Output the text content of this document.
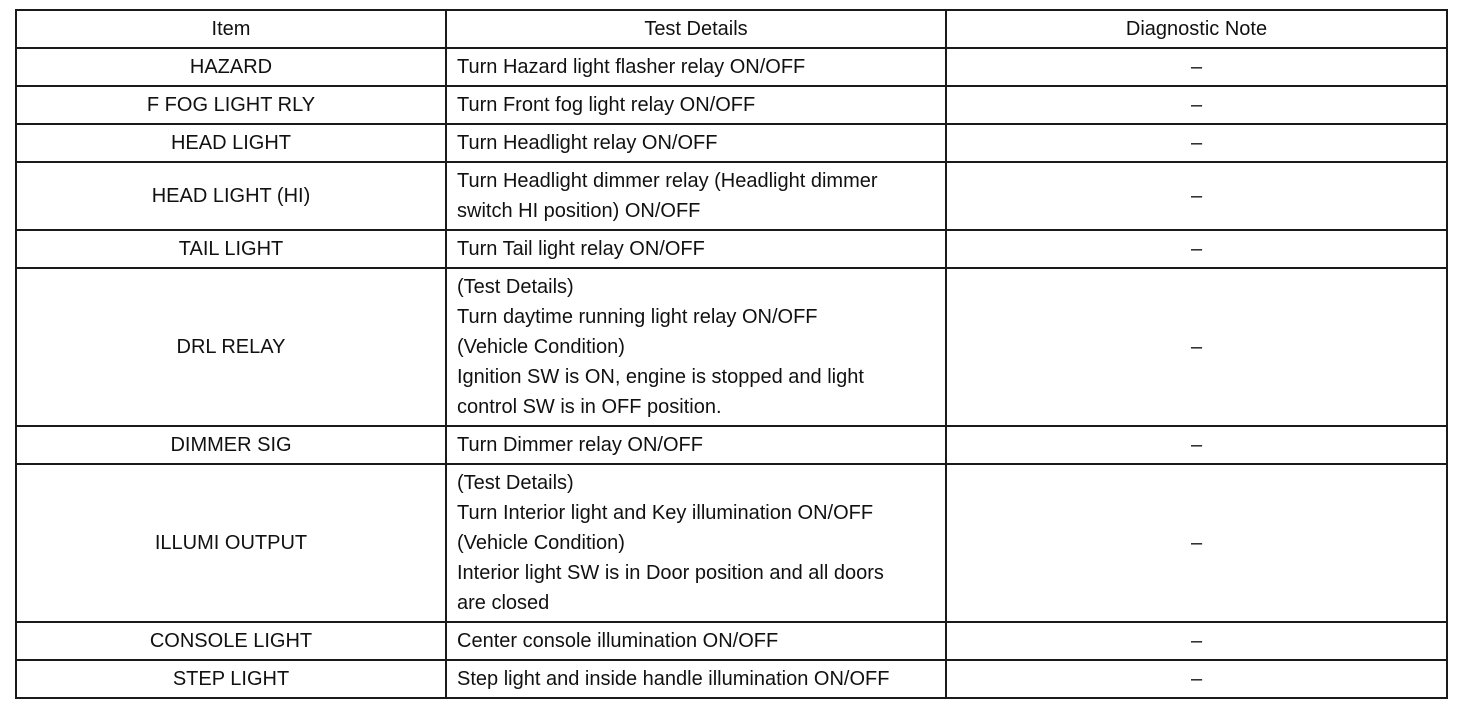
Item	Test Details	Diagnostic Note
HAZARD	Turn Hazard light flasher relay ON/OFF	–
F FOG LIGHT RLY	Turn Front fog light relay ON/OFF	–
HEAD LIGHT	Turn Headlight relay ON/OFF	–
HEAD LIGHT (HI)	Turn Headlight dimmer relay (Headlight dimmer
switch HI position) ON/OFF	–
TAIL LIGHT	Turn Tail light relay ON/OFF	–
DRL RELAY	(Test Details)
Turn daytime running light relay ON/OFF
(Vehicle Condition)
Ignition SW is ON, engine is stopped and light
control SW is in OFF position.	–
DIMMER SIG	Turn Dimmer relay ON/OFF	–
ILLUMI OUTPUT	(Test Details)
Turn Interior light and Key illumination ON/OFF
(Vehicle Condition)
Interior light SW is in Door position and all doors
are closed	–
CONSOLE LIGHT	Center console illumination ON/OFF	–
STEP LIGHT	Step light and inside handle illumination ON/OFF	–
